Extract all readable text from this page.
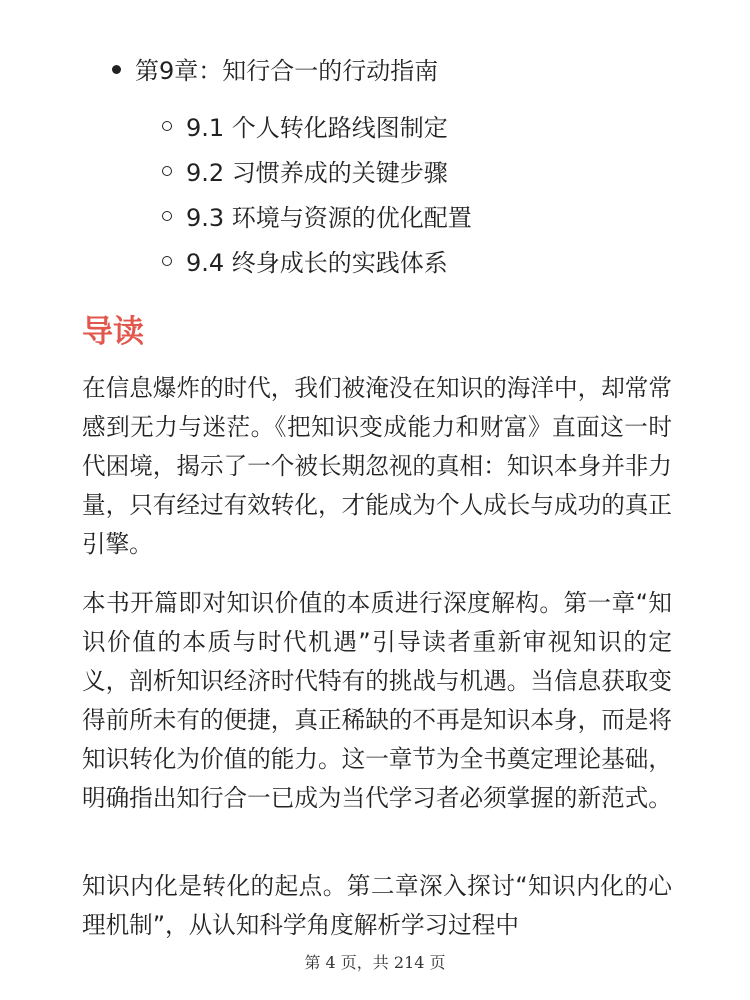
第9章：知行合一的行动指南
9.1 个人转化路线图制定
9.2 习惯养成的关键步骤
9.3 环境与资源的优化配置
9.4 终身成长的实践体系
导读

在信息爆炸的时代，我们被淹没在知识的海洋中，却常常感到无力与迷茫。《把知识变成能力和财富》直面这一时代困境，揭示了一个被长期忽视的真相：知识本身并非力量，只有经过有效转化，才能成为个人成长与成功的真正引擎。

本书开篇即对知识价值的本质进行深度解构。第一章“知识价值的本质与时代机遇”引导读者重新审视知识的定义，剖析知识经济时代特有的挑战与机遇。当信息获取变得前所未有的便捷，真正稀缺的不再是知识本身，而是将知识转化为价值的能力。这一章节为全书奠定理论基础，明确指出知行合一已成为当代学习者必须掌握的新范式。

知识内化是转化的起点。第二章深入探讨“知识内化的心理机制”，从认知科学角度解析学习过程中

第 4 页，共 214 页
